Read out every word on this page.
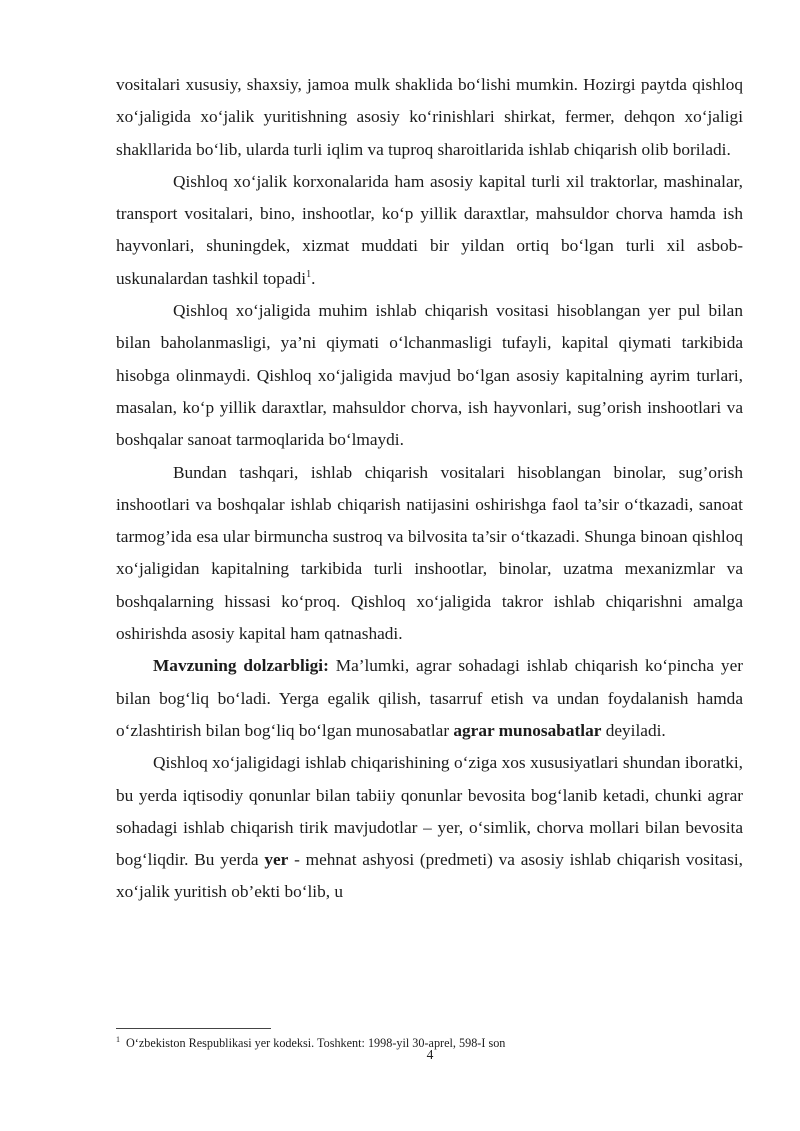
vositalari xususiy, shaxsiy, jamoa mulk shaklida bo‘lishi mumkin. Hozirgi paytda qishloq xo‘jaligida xo‘jalik yuritishning asosiy ko‘rinishlari shirkat, fermer, dehqon xo‘jaligi shakllarida bo‘lib, ularda turli iqlim va tuproq sharoitlarida ishlab chiqarish olib boriladi.

Qishloq xo‘jalik korxonalarida ham asosiy kapital turli xil traktorlar, mashinalar, transport vositalari, bino, inshootlar, ko‘p yillik daraxtlar, mahsuldor chorva hamda ish hayvonlari, shuningdek, xizmat muddati bir yildan ortiq bo‘lgan turli xil asbob-uskunalardan tashkil topadi$^1$.

Qishloq xo‘jaligida muhim ishlab chiqarish vositasi hisoblangan yer pul bilan bilan baholanmasligi, ya’ni qiymati o‘lchanmasligi tufayli, kapital qiymati tarkibida hisobga olinmaydi. Qishloq xo‘jaligida mavjud bo‘lgan asosiy kapitalning ayrim turlari, masalan, ko‘p yillik daraxtlar, mahsuldor chorva, ish hayvonlari, sug’orish inshootlari va boshqalar sanoat tarmoqlarida bo‘lmaydi.

Bundan tashqari, ishlab chiqarish vositalari hisoblangan binolar, sug’orish inshootlari va boshqalar ishlab chiqarish natijasini oshirishga faol ta’sir o‘tkazadi, sanoat tarmog’ida esa ular birmuncha sustroq va bilvosita ta’sir o‘tkazadi. Shunga binoan qishloq xo‘jaligidan kapitalning tarkibida turli inshootlar, binolar, uzatma mexanizmlar va boshqalarning hissasi ko‘proq. Qishloq xo‘jaligida takror ishlab chiqarishni amalga oshirishda asosiy kapital ham qatnashadi.

Mavzuning dolzarbligi: Ma’lumki, agrar sohadagi ishlab chiqarish ko‘pincha yer bilan bog‘liq bo‘ladi. Yerga egalik qilish, tasarruf etish va undan foydalanish hamda o‘zlashtirish bilan bog‘liq bo‘lgan munosabatlar agrar munosabatlar deyiladi.

Qishloq xo‘jaligidagi ishlab chiqarishining o‘ziga xos xususiyatlari shundan iboratki, bu yerda iqtisodiy qonunlar bilan tabiiy qonunlar bevosita bog‘lanib ketadi, chunki agrar sohadagi ishlab chiqarish tirik mavjudotlar – yer, o‘simlik, chorva mollari bilan bevosita bog‘liqdir. Bu yerda yer - mehnat ashyosi (predmeti) va asosiy ishlab chiqarish vositasi, xo‘jalik yuritish ob’ekti bo‘lib, u

$^1$ Oʻzbekiston Respublikasi yer kodeksi. Toshkent: 1998-yil 30-aprel, 598-I son
4
